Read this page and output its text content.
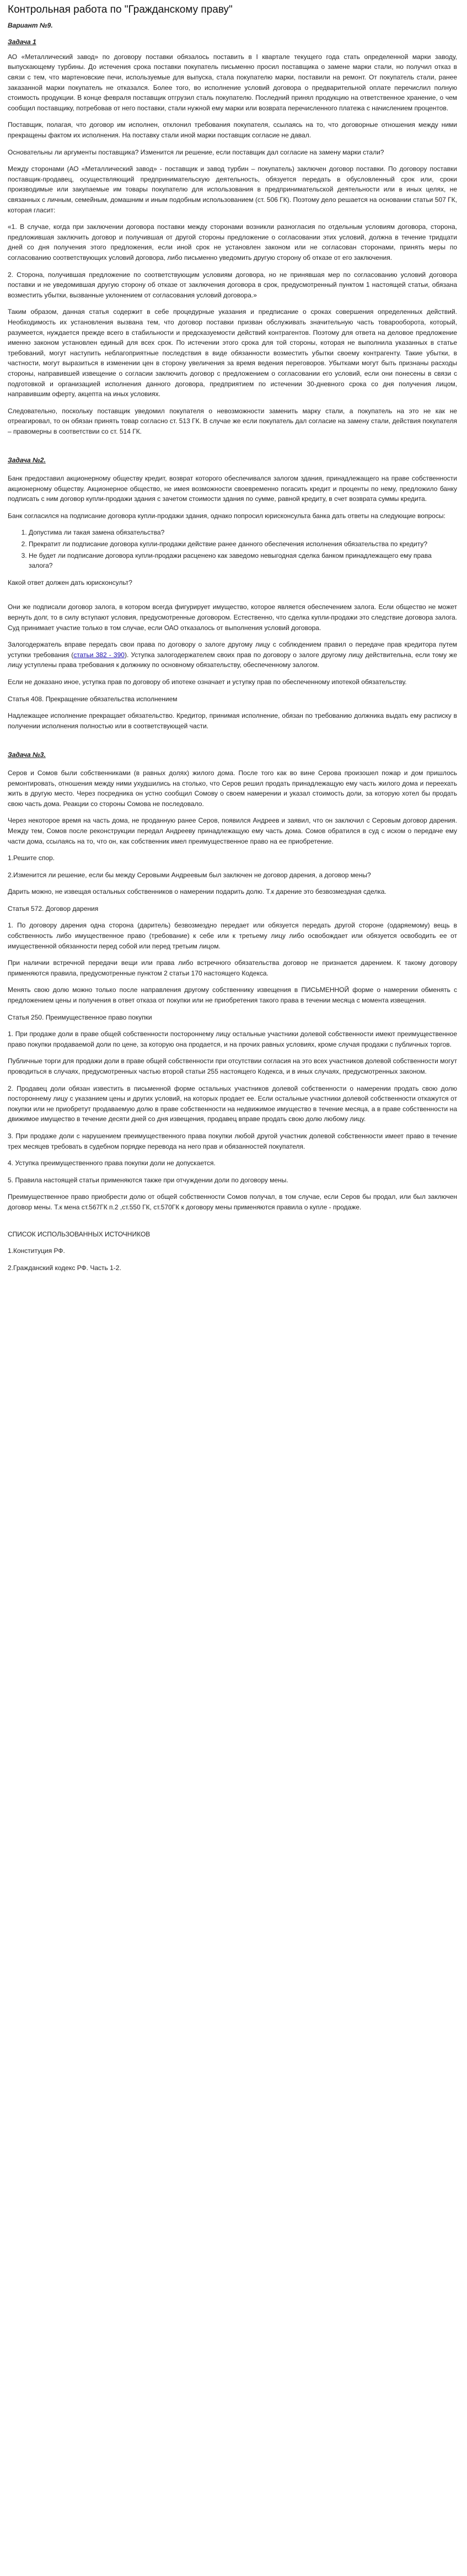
Контрольная работа по "Гражданскому праву"
Вариант №9.
Задача 1

АО «Металлический завод» по договору поставки обязалось поставить в I квартале текущего года стать определенной марки заводу, выпускающему турбины. До истечения срока поставки покупатель письменно просил поставщика о замене марки стали, но получил отказ в связи с тем, что мартеновские печи, используемые для выпуска, стала покупателю марки, поставили на ремонт. От покупатель стали, ранее заказанной марки покупатель не отказался. Более того, во исполнение условий договора о предварительной оплате перечислил полную стоимость продукции. В конце февраля поставщик отгрузил сталь покупателю. Последний принял продукцию на ответственное хранение, о чем сообщил поставщику, потребовав от него поставки, стали нужной ему марки или возврата перечисленного платежа с начислением процентов.

Поставщик, полагая, что договор им исполнен, отклонил требования покупателя, ссылаясь на то, что договорные отношения между ними прекращены фактом их исполнения. На поставку стали иной марки поставщик согласие не давал.

Основательны ли аргументы поставщика? Изменится ли решение, если поставщик дал согласие на замену марки стали?

Между сторонами (АО «Металлический завод» - поставщик и завод турбин – покупатель) заключен договор поставки. По договору поставки поставщик-продавец, осуществляющий предпринимательскую деятельность, обязуется передать в обусловленный срок или, сроки производимые или закупаемые им товары покупателю для использования в предпринимательской деятельности или в иных целях, не связанных с личным, семейным, домашним и иным подобным использованием (ст. 506 ГК). Поэтому дело решается на основании статьи 507 ГК, которая гласит:

«1. В случае, когда при заключении договора поставки между сторонами возникли разногласия по отдельным условиям договора, сторона, предложившая заключить договор и получившая от другой стороны предложение о согласовании этих условий, должна в течение тридцати дней со дня получения этого предложения, если иной срок не установлен законом или не согласован сторонами, принять меры по согласованию соответствующих условий договора, либо письменно уведомить другую сторону об отказе от его заключения.

2. Сторона, получившая предложение по соответствующим условиям договора, но не принявшая мер по согласованию условий договора поставки и не уведомившая другую сторону об отказе от заключения договора в срок, предусмотренный пунктом 1 настоящей статьи, обязана возместить убытки, вызванные уклонением от согласования условий договора.»

Таким образом, данная статья содержит в себе процедурные указания и предписание о сроках совершения определенных действий. Необходимость их установления вызвана тем, что договор поставки призван обслуживать значительную часть товарооборота, который, разумеется, нуждается прежде всего в стабильности и предсказуемости действий контрагентов. Поэтому для ответа на деловое предложение именно законом установлен единый для всех срок. По истечении этого срока для той стороны, которая не выполнила указанных в статье требований, могут наступить неблагоприятные последствия в виде обязанности возместить убытки своему контрагенту. Такие убытки, в частности, могут выразиться в изменении цен в сторону увеличения за время ведения переговоров. Убытками могут быть признаны расходы стороны, направившей извещение о согласии заключить договор с предложением о согласовании его условий, если они понесены в связи с подготовкой и организацией исполнения данного договора, предприятием по истечении 30-дневного срока со дня получения лицом, направившим оферту, акцепта на иных условиях.

Следовательно, поскольку поставщик уведомил покупателя о невозможности заменить марку стали, а покупатель на это не как не отреагировал, то он обязан принять товар согласно ст. 513 ГК. В случае же если покупатель дал согласие на замену стали, действия покупателя – правомерны в соответствии со ст. 514 ГК.

Задача №2.

Банк предоставил акционерному обществу кредит, возврат которого обеспечивался залогом здания, принадлежащего на праве собственности акционерному обществу. Акционерное общество, не имея возможности своевременно погасить кредит и проценты по нему, предложило банку подписать с ним договор купли-продажи здания с зачетом стоимости здания по сумме, равной кредиту, в счет возврата суммы кредита.

Банк согласился на подписание договора купли-продажи здания, однако попросил юрисконсульта банка дать ответы на следующие вопросы:

1. Допустима ли такая замена обязательства?
2. Прекратит ли подписание договора купли-продажи действие ранее данного обеспечения исполнения обязательства по кредиту?
3. Не будет ли подписание договора купли-продажи расценено как заведомо невыгодная сделка банком принадлежащего ему права залога?

Какой ответ должен дать юрисконсульт?

Они же подписали договор залога, в котором всегда фигурирует имущество, которое является обеспечением залога. Если общество не может вернуть долг, то в силу вступают условия, предусмотренные договором. Естественно, что сделка купли-продажи это следствие договора залога. Суд принимает участие только в том случае, если ОАО отказалось от выполнения условий договора.

Залогодержатель вправе передать свои права по договору о залоге другому лицу с соблюдением правил о передаче прав кредитора путем уступки требования (статьи 382 - 390). Уступка залогодержателем своих прав по договору о залоге другому лицу действительна, если тому же лицу уступлены права требования к должнику по основному обязательству, обеспеченному залогом.

Если не доказано иное, уступка прав по договору об ипотеке означает и уступку прав по обеспеченному ипотекой обязательству.

Статья 408. Прекращение обязательства исполнением

Надлежащее исполнение прекращает обязательство. Кредитор, принимая исполнение, обязан по требованию должника выдать ему расписку в получении исполнения полностью или в соответствующей части.

Задача №3.

Серов и Сомов были собственниками (в равных долях) жилого дома. После того как во вине Серова произошел пожар и дом пришлось ремонтировать, отношения между ними ухудшились на столько, что Серов решил продать принадлежащую ему часть жилого дома и переехать жить в другую место. Через посредника он устно сообщил Сомову о своем намерении и указал стоимость доли, за которую хотел бы продать свою часть дома. Реакции со стороны Сомова не последовало.

Через некоторое время на часть дома, не проданную ранее Серов, появился Андреев и заявил, что он заключил с Серовым договор дарения. Между тем, Сомов после реконструкции передал Андрееву принадлежащую ему часть дома. Сомов обратился в суд с иском о передаче ему части дома, ссылаясь на то, что он, как собственник имел преимущественное право на ее приобретение.

1.Решите спор.

2.Изменится ли решение, если бы между Серовыми Андреевым был заключен не договор дарения, а договор мены?

Дарить можно, не извещая остальных собственников о намерении подарить долю. Т.к дарение это безвозмездная сделка.

Статья 572. Договор дарения

1. По договору дарения одна сторона (даритель) безвозмездно передает или обязуется передать другой стороне (одаряемому) вещь в собственность либо имущественное право (требование) к себе или к третьему лицу либо освобождает или обязуется освободить ее от имущественной обязанности перед собой или перед третьим лицом.

При наличии встречной передачи вещи или права либо встречного обязательства договор не признается дарением. К такому договору применяются правила, предусмотренные пунктом 2 статьи 170 настоящего Кодекса.

Менять свою долю можно только после направления другому собственнику извещения в ПИСЬМЕННОЙ форме о намерении обменять с предложением цены и получения в ответ отказа от покупки или не приобретения такого права в течении месяца с момента извещения.

Статья 250. Преимущественное право покупки

1. При продаже доли в праве общей собственности постороннему лицу остальные участники долевой собственности имеют преимущественное право покупки продаваемой доли по цене, за которую она продается, и на прочих равных условиях, кроме случая продажи с публичных торгов.

Публичные торги для продажи доли в праве общей собственности при отсутствии согласия на это всех участников долевой собственности могут проводиться в случаях, предусмотренных частью второй статьи 255 настоящего Кодекса, и в иных случаях, предусмотренных законом.

2. Продавец доли обязан известить в письменной форме остальных участников долевой собственности о намерении продать свою долю постороннему лицу с указанием цены и других условий, на которых продает ее. Если остальные участники долевой собственности откажутся от покупки или не приобретут продаваемую долю в праве собственности на недвижимое имущество в течение месяца, а в праве собственности на движимое имущество в течение десяти дней со дня извещения, продавец вправе продать свою долю любому лицу.

3. При продаже доли с нарушением преимущественного права покупки любой другой участник долевой собственности имеет право в течение трех месяцев требовать в судебном порядке перевода на него прав и обязанностей покупателя.

4. Уступка преимущественного права покупки доли не допускается.

5. Правила настоящей статьи применяются также при отчуждении доли по договору мены.

Преимущественное право приобрести долю от общей собственности Сомов получал, в том случае, если Серов бы продал, или был заключен договор мены. Т.к мена ст.567ГК п.2 ,ст.550 ГК, ст.570ГК к договору мены применяются правила о купле - продаже.

СПИСОК ИСПОЛЬЗОВАННЫХ ИСТОЧНИКОВ

1.Конституция РФ.

2.Гражданский кодекс РФ. Часть 1-2.
